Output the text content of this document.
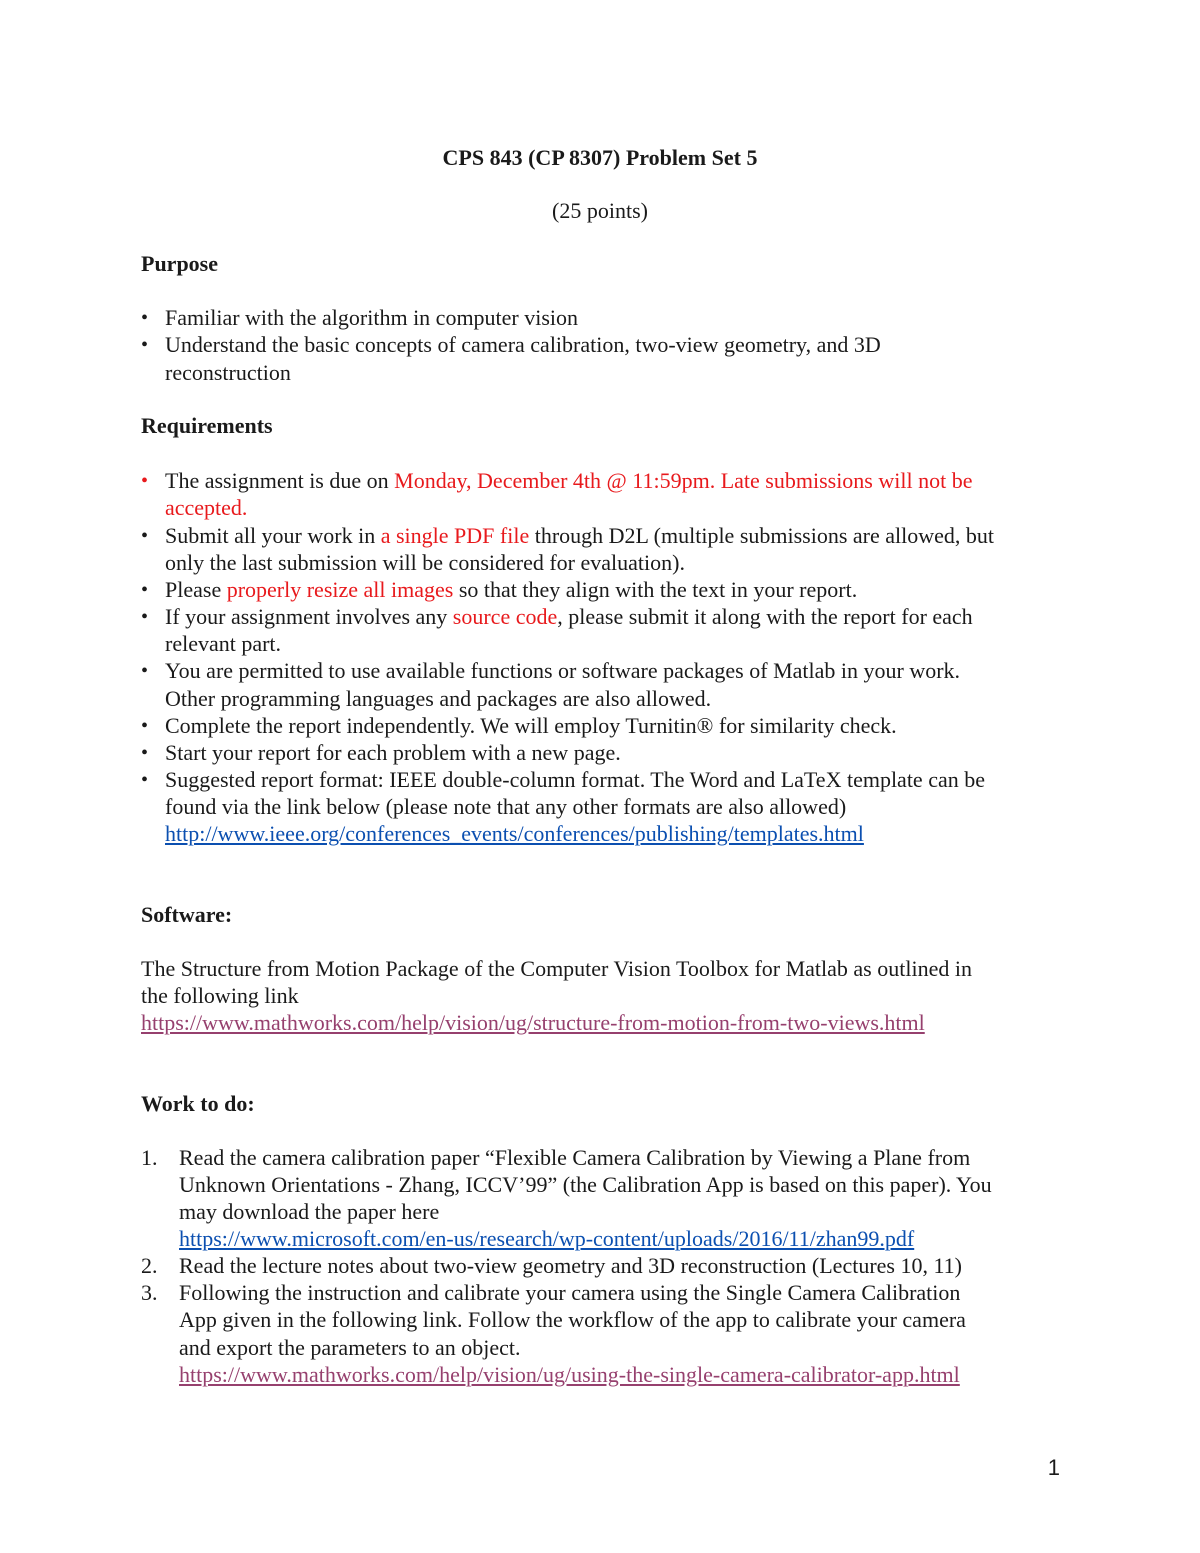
CPS 843 (CP 8307) Problem Set 5
(25 points)
Purpose
• Familiar with the algorithm in computer vision
• Understand the basic concepts of camera calibration, two-view geometry, and 3D
reconstruction
Requirements
• The assignment is due on Monday, December 4th @ 11:59pm. Late submissions will not be
accepted.
• Submit all your work in a single PDF file through D2L (multiple submissions are allowed, but
only the last submission will be considered for evaluation).
• Please properly resize all images so that they align with the text in your report.
• If your assignment involves any source code, please submit it along with the report for each
relevant part.
• You are permitted to use available functions or software packages of Matlab in your work.
Other programming languages and packages are also allowed.
• Complete the report independently. We will employ Turnitin® for similarity check.
• Start your report for each problem with a new page.
• Suggested report format: IEEE double-column format. The Word and LaTeX template can be
found via the link below (please note that any other formats are also allowed)
http://www.ieee.org/conferences_events/conferences/publishing/templates.html
Software:
The Structure from Motion Package of the Computer Vision Toolbox for Matlab as outlined in
the following link
https://www.mathworks.com/help/vision/ug/structure-from-motion-from-two-views.html
Work to do:
1. Read the camera calibration paper “Flexible Camera Calibration by Viewing a Plane from
Unknown Orientations - Zhang, ICCV’99” (the Calibration App is based on this paper). You
may download the paper here
https://www.microsoft.com/en-us/research/wp-content/uploads/2016/11/zhan99.pdf
2. Read the lecture notes about two-view geometry and 3D reconstruction (Lectures 10, 11)
3. Following the instruction and calibrate your camera using the Single Camera Calibration
App given in the following link. Follow the workflow of the app to calibrate your camera
and export the parameters to an object.
https://www.mathworks.com/help/vision/ug/using-the-single-camera-calibrator-app.html
1
